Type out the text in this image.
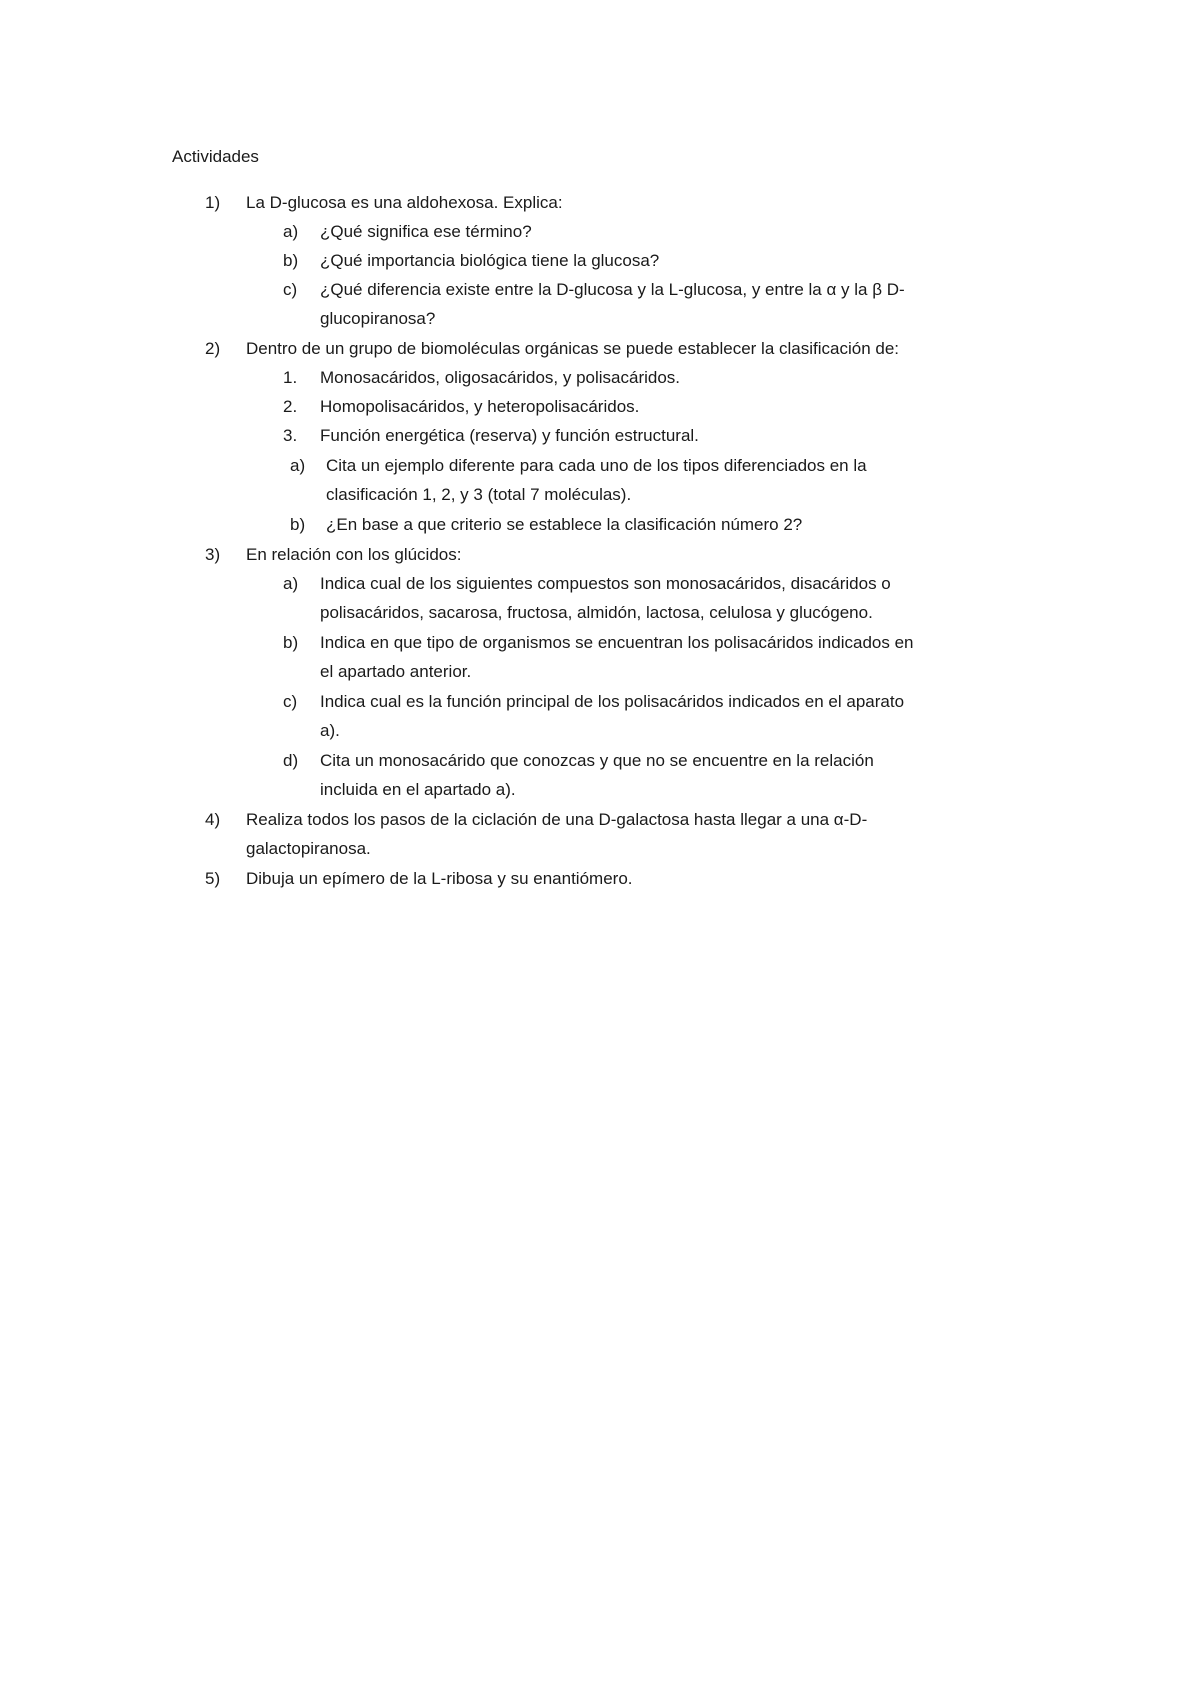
Actividades
1) La D-glucosa es una aldohexosa. Explica:
a) ¿Qué significa ese término?
b) ¿Qué importancia biológica tiene la glucosa?
c) ¿Qué diferencia existe entre la D-glucosa y la L-glucosa, y entre la α y la β D-
glucopiranosa?
2) Dentro de un grupo de biomoléculas orgánicas se puede establecer la clasificación de:
1. Monosacáridos, oligosacáridos, y polisacáridos.
2. Homopolisacáridos, y heteropolisacáridos.
3. Función energética (reserva) y función estructural.
a) Cita un ejemplo diferente para cada uno de los tipos diferenciados en la
clasificación 1, 2, y 3 (total 7 moléculas).
b) ¿En base a que criterio se establece la clasificación número 2?
3) En relación con los glúcidos:
a) Indica cual de los siguientes compuestos son monosacáridos, disacáridos o
polisacáridos, sacarosa, fructosa, almidón, lactosa, celulosa y glucógeno.
b) Indica en que tipo de organismos se encuentran los polisacáridos indicados en
el apartado anterior.
c) Indica cual es la función principal de los polisacáridos indicados en el aparato
a).
d) Cita un monosacárido que conozcas y que no se encuentre en la relación
incluida en el apartado a).
4) Realiza todos los pasos de la ciclación de una D-galactosa hasta llegar a una α-D-
galactopiranosa.
5) Dibuja un epímero de la L-ribosa y su enantiómero.
